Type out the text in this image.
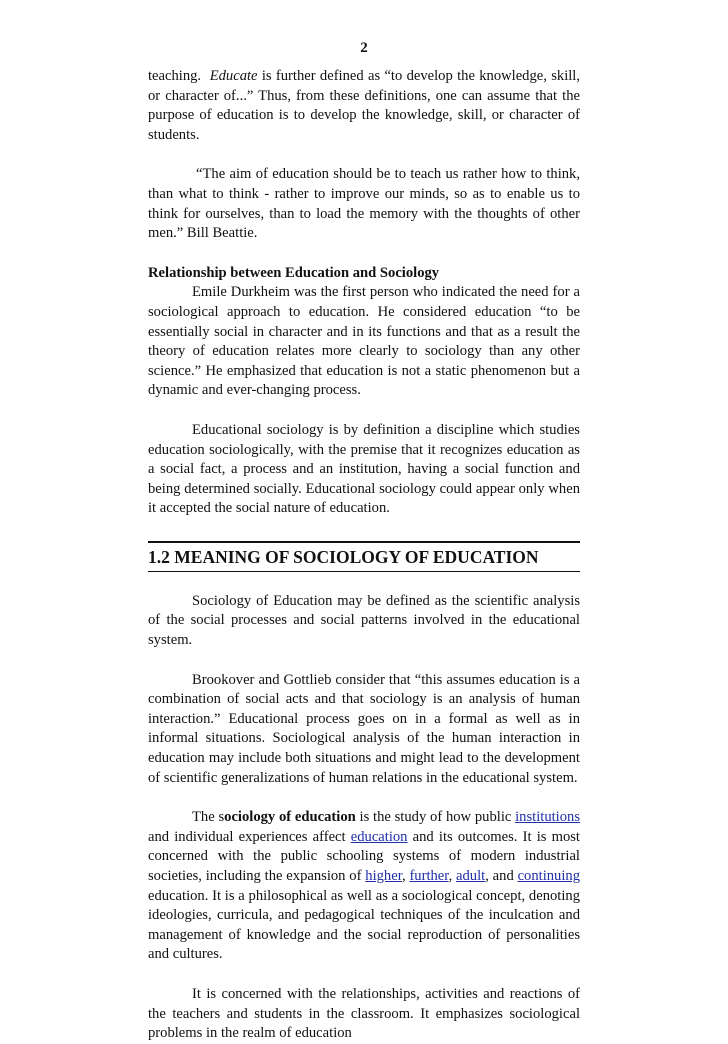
2

teaching. Educate is further defined as “to develop the knowledge, skill, or character of...” Thus, from these definitions, one can assume that the purpose of education is to develop the knowledge, skill, or character of students.

“The aim of education should be to teach us rather how to think, than what to think - rather to improve our minds, so as to enable us to think for ourselves, than to load the memory with the thoughts of other men.” Bill Beattie.

Relationship between Education and Sociology

Emile Durkheim was the first person who indicated the need for a sociological approach to education. He considered education “to be essentially social in character and in its functions and that as a result the theory of education relates more clearly to sociology than any other science.” He emphasized that education is not a static phenomenon but a dynamic and ever-changing process.

Educational sociology is by definition a discipline which studies education sociologically, with the premise that it recognizes education as a social fact, a process and an institution, having a social function and being determined socially. Educational sociology could appear only when it accepted the social nature of education.

1.2 MEANING OF SOCIOLOGY OF EDUCATION

Sociology of Education may be defined as the scientific analysis of the social processes and social patterns involved in the educational system.

Brookover and Gottlieb consider that “this assumes education is a combination of social acts and that sociology is an analysis of human interaction.” Educational process goes on in a formal as well as in informal situations. Sociological analysis of the human interaction in education may include both situations and might lead to the development of scientific generalizations of human relations in the educational system.

The sociology of education is the study of how public institutions and individual experiences affect education and its outcomes. It is most concerned with the public schooling systems of modern industrial societies, including the expansion of higher, further, adult, and continuing education. It is a philosophical as well as a sociological concept, denoting ideologies, curricula, and pedagogical techniques of the inculcation and management of knowledge and the social reproduction of personalities and cultures.

It is concerned with the relationships, activities and reactions of the teachers and students in the classroom. It emphasizes sociological problems in the realm of education
